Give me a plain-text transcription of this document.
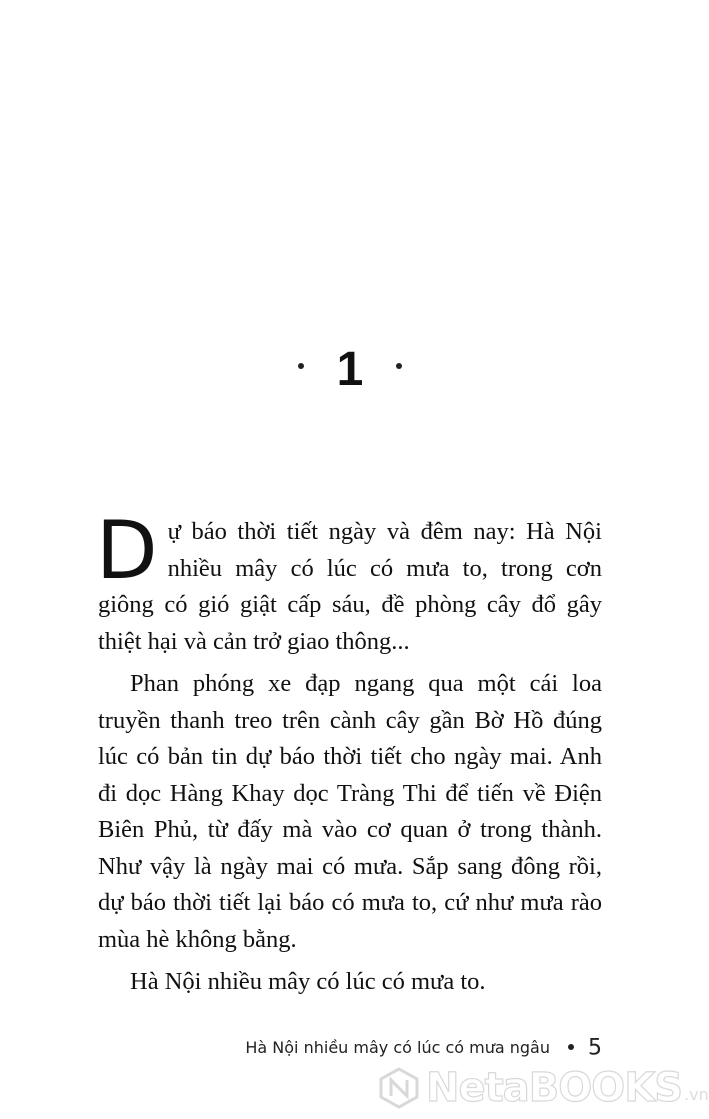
1

Dự báo thời tiết ngày và đêm nay: Hà Nội nhiều mây có lúc có mưa to, trong cơn giông có gió giật cấp sáu, đề phòng cây đổ gây thiệt hại và cản trở giao thông...

Phan phóng xe đạp ngang qua một cái loa truyền thanh treo trên cành cây gần Bờ Hồ đúng lúc có bản tin dự báo thời tiết cho ngày mai. Anh đi dọc Hàng Khay dọc Tràng Thi để tiến về Điện Biên Phủ, từ đấy mà vào cơ quan ở trong thành. Như vậy là ngày mai có mưa. Sắp sang đông rồi, dự báo thời tiết lại báo có mưa to, cứ như mưa rào mùa hè không bằng.

Hà Nội nhiều mây có lúc có mưa to.

Hà Nội nhiều mây có lúc có mưa ngâu 5
NetaBOOKS .vn
